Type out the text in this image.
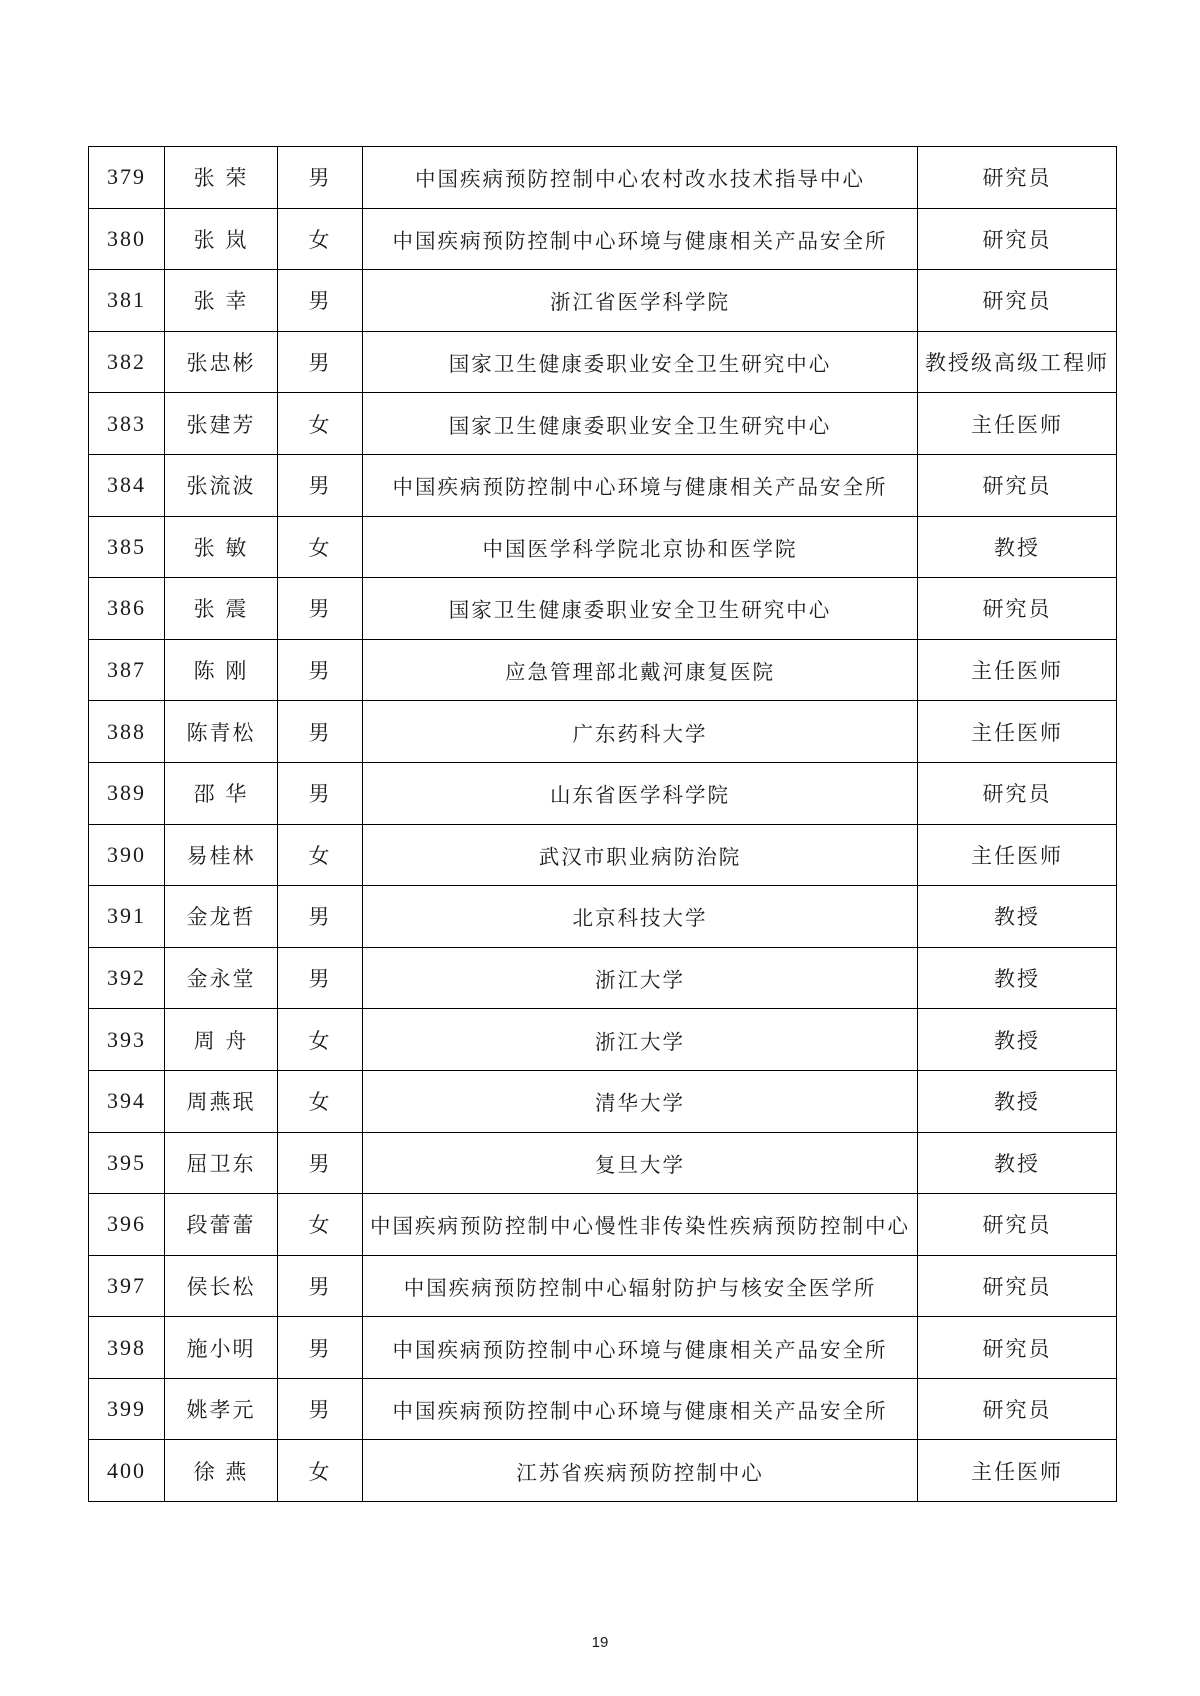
379	张 荣	男	中国疾病预防控制中心农村改水技术指导中心	研究员
380	张 岚	女	中国疾病预防控制中心环境与健康相关产品安全所	研究员
381	张 幸	男	浙江省医学科学院	研究员
382	张忠彬	男	国家卫生健康委职业安全卫生研究中心	教授级高级工程师
383	张建芳	女	国家卫生健康委职业安全卫生研究中心	主任医师
384	张流波	男	中国疾病预防控制中心环境与健康相关产品安全所	研究员
385	张 敏	女	中国医学科学院北京协和医学院	教授
386	张 震	男	国家卫生健康委职业安全卫生研究中心	研究员
387	陈 刚	男	应急管理部北戴河康复医院	主任医师
388	陈青松	男	广东药科大学	主任医师
389	邵 华	男	山东省医学科学院	研究员
390	易桂林	女	武汉市职业病防治院	主任医师
391	金龙哲	男	北京科技大学	教授
392	金永堂	男	浙江大学	教授
393	周 舟	女	浙江大学	教授
394	周燕珉	女	清华大学	教授
395	屈卫东	男	复旦大学	教授
396	段蕾蕾	女	中国疾病预防控制中心慢性非传染性疾病预防控制中心	研究员
397	侯长松	男	中国疾病预防控制中心辐射防护与核安全医学所	研究员
398	施小明	男	中国疾病预防控制中心环境与健康相关产品安全所	研究员
399	姚孝元	男	中国疾病预防控制中心环境与健康相关产品安全所	研究员
400	徐 燕	女	江苏省疾病预防控制中心	主任医师
19
